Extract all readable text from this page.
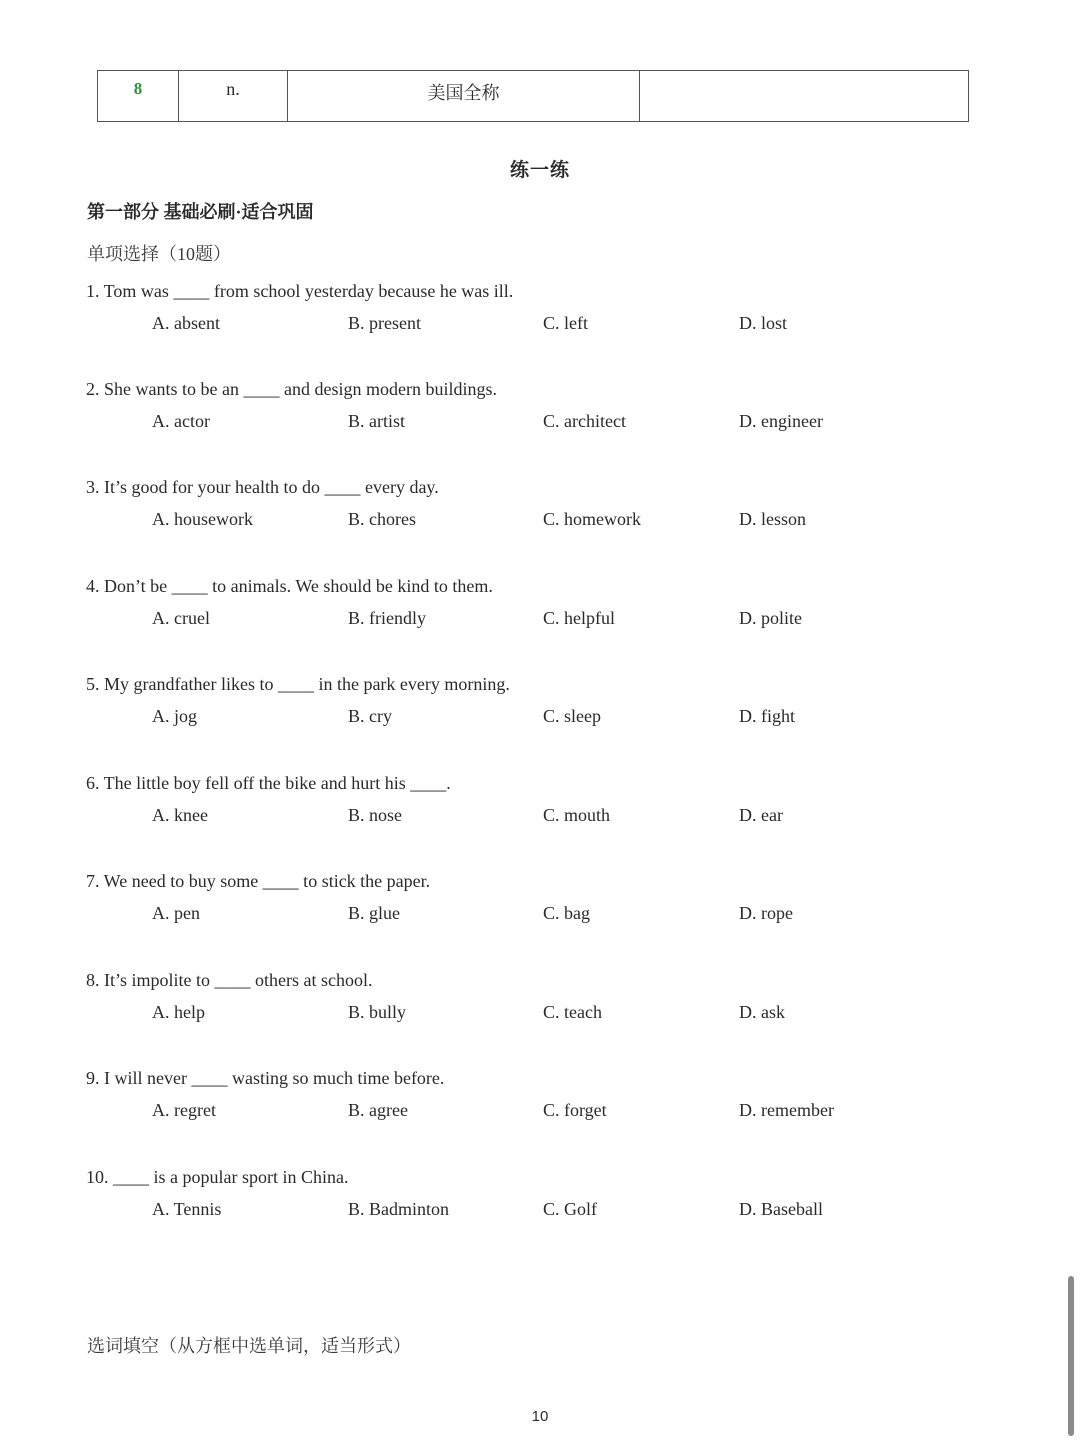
8	n.	美国全称	
练一练
第一部分 基础必刷·适合巩固
单项选择（10题）
1. Tom was ____ from school yesterday because he was ill.
A. absent	B. present	C. left	D. lost
2. She wants to be an ____ and design modern buildings.
A. actor	B. artist	C. architect	D. engineer
3. It’s good for your health to do ____ every day.
A. housework	B. chores	C. homework	D. lesson
4. Don’t be ____ to animals. We should be kind to them.
A. cruel	B. friendly	C. helpful	D. polite
5. My grandfather likes to ____ in the park every morning.
A. jog	B. cry	C. sleep	D. fight
6. The little boy fell off the bike and hurt his ____.
A. knee	B. nose	C. mouth	D. ear
7. We need to buy some ____ to stick the paper.
A. pen	B. glue	C. bag	D. rope
8. It’s impolite to ____ others at school.
A. help	B. bully	C. teach	D. ask
9. I will never ____ wasting so much time before.
A. regret	B. agree	C. forget	D. remember
10. ____ is a popular sport in China.
A. Tennis	B. Badminton	C. Golf	D. Baseball
选词填空（从方框中选单词，适当形式）
10
